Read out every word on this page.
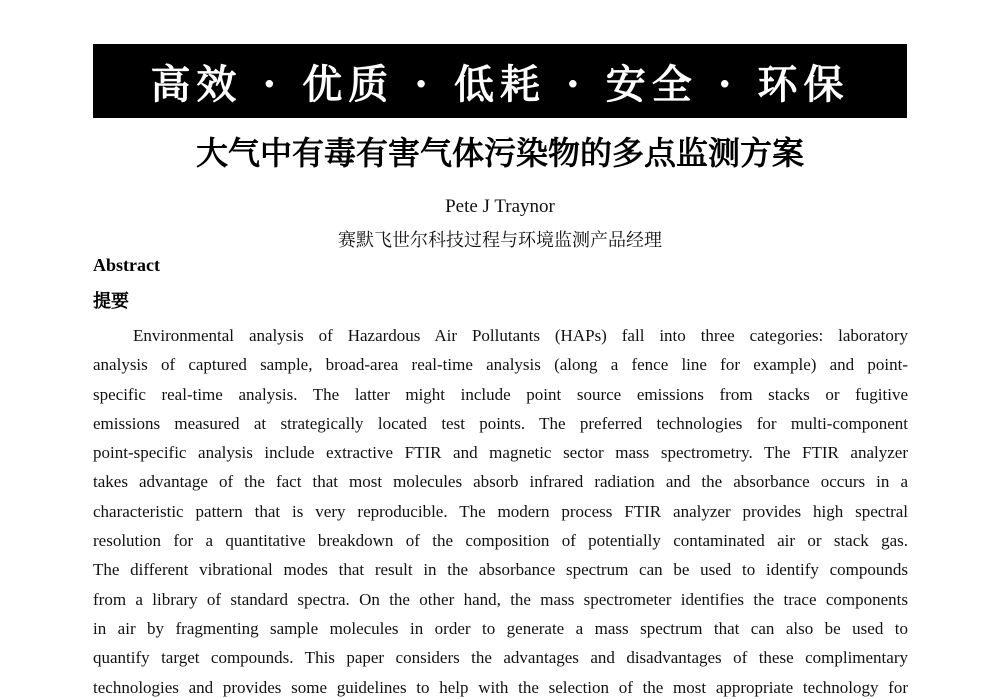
高效 · 优质 · 低耗 · 安全 · 环保
大气中有毒有害气体污染物的多点监测方案
Pete J Traynor
赛默飞世尔科技过程与环境监测产品经理
Abstract
提要
Environmental analysis of Hazardous Air Pollutants (HAPs) fall into three categories: laboratory
analysis of captured sample, broad-area real-time analysis (along a fence line for example) and point-
specific real-time analysis. The latter might include point source emissions from stacks or fugitive
emissions measured at strategically located test points. The preferred technologies for multi-component
point-specific analysis include extractive FTIR and magnetic sector mass spectrometry. The FTIR analyzer
takes advantage of the fact that most molecules absorb infrared radiation and the absorbance occurs in a
characteristic pattern that is very reproducible. The modern process FTIR analyzer provides high spectral
resolution for a quantitative breakdown of the composition of potentially contaminated air or stack gas.
The different vibrational modes that result in the absorbance spectrum can be used to identify compounds
from a library of standard spectra. On the other hand, the mass spectrometer identifies the trace components
in air by fragmenting sample molecules in order to generate a mass spectrum that can also be used to
quantify target compounds. This paper considers the advantages and disadvantages of these complimentary
technologies and provides some guidelines to help with the selection of the most appropriate technology for
